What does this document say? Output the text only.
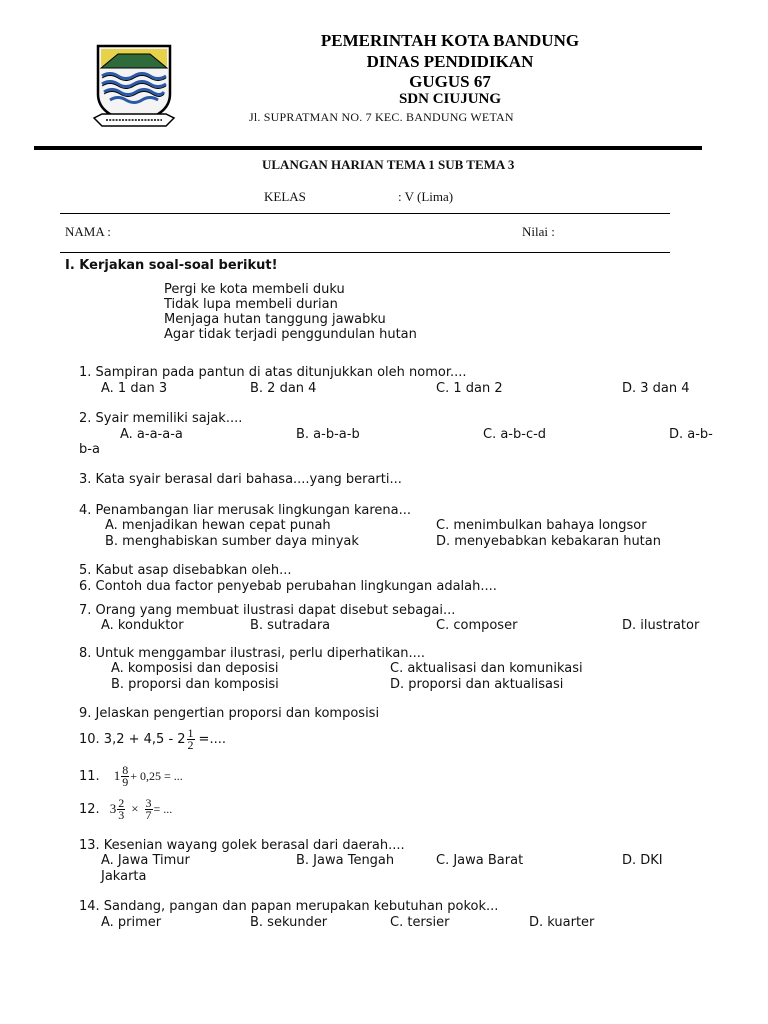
PEMERINTAH KOTA BANDUNG
DINAS PENDIDIKAN
GUGUS 67
SDN CIUJUNG
Jl. SUPRATMAN NO. 7 KEC. BANDUNG WETAN
ULANGAN HARIAN TEMA 1 SUB TEMA 3
KELAS	: V (Lima)
NAMA :	Nilai :
I. Kerjakan soal-soal berikut!
Pergi ke kota membeli duku
Tidak lupa membeli durian
Menjaga hutan tanggung jawabku
Agar tidak terjadi penggundulan hutan
1. Sampiran pada pantun di atas ditunjukkan oleh nomor....
A. 1 dan 3	B. 2 dan 4	C. 1 dan 2	D. 3 dan 4
2. Syair memiliki sajak....
A. a-a-a-a	B. a-b-a-b	C. a-b-c-d	D. a-b-
b-a
3. Kata syair berasal dari bahasa....yang berarti...
4. Penambangan liar merusak lingkungan karena...
A. menjadikan hewan cepat punah	C. menimbulkan bahaya longsor
B. menghabiskan sumber daya minyak	D. menyebabkan kebakaran hutan
5. Kabut asap disebabkan oleh...
6. Contoh dua factor penyebab perubahan lingkungan adalah....
7. Orang yang membuat ilustrasi dapat disebut sebagai...
A. konduktor	B. sutradara	C. composer	D. ilustrator
8. Untuk menggambar ilustrasi, perlu diperhatikan....
A. komposisi dan deposisi	C. aktualisasi dan komunikasi
B. proporsi dan komposisi	D. proporsi dan aktualisasi
9. Jelaskan pengertian proporsi dan komposisi
10. $3,2 + 4,5 - 2 \frac{1}{2}$ =....
11. $1 \frac{8}{9} + 0,25$ = ...
12. $3 \frac{2}{3} \times \frac{3}{7}$ = ...
13. Kesenian wayang golek berasal dari daerah....
A. Jawa Timur	B. Jawa Tengah	C. Jawa Barat	D. DKI
Jakarta
14. Sandang, pangan dan papan merupakan kebutuhan pokok...
A. primer	B. sekunder	C. tersier	D. kuarter
